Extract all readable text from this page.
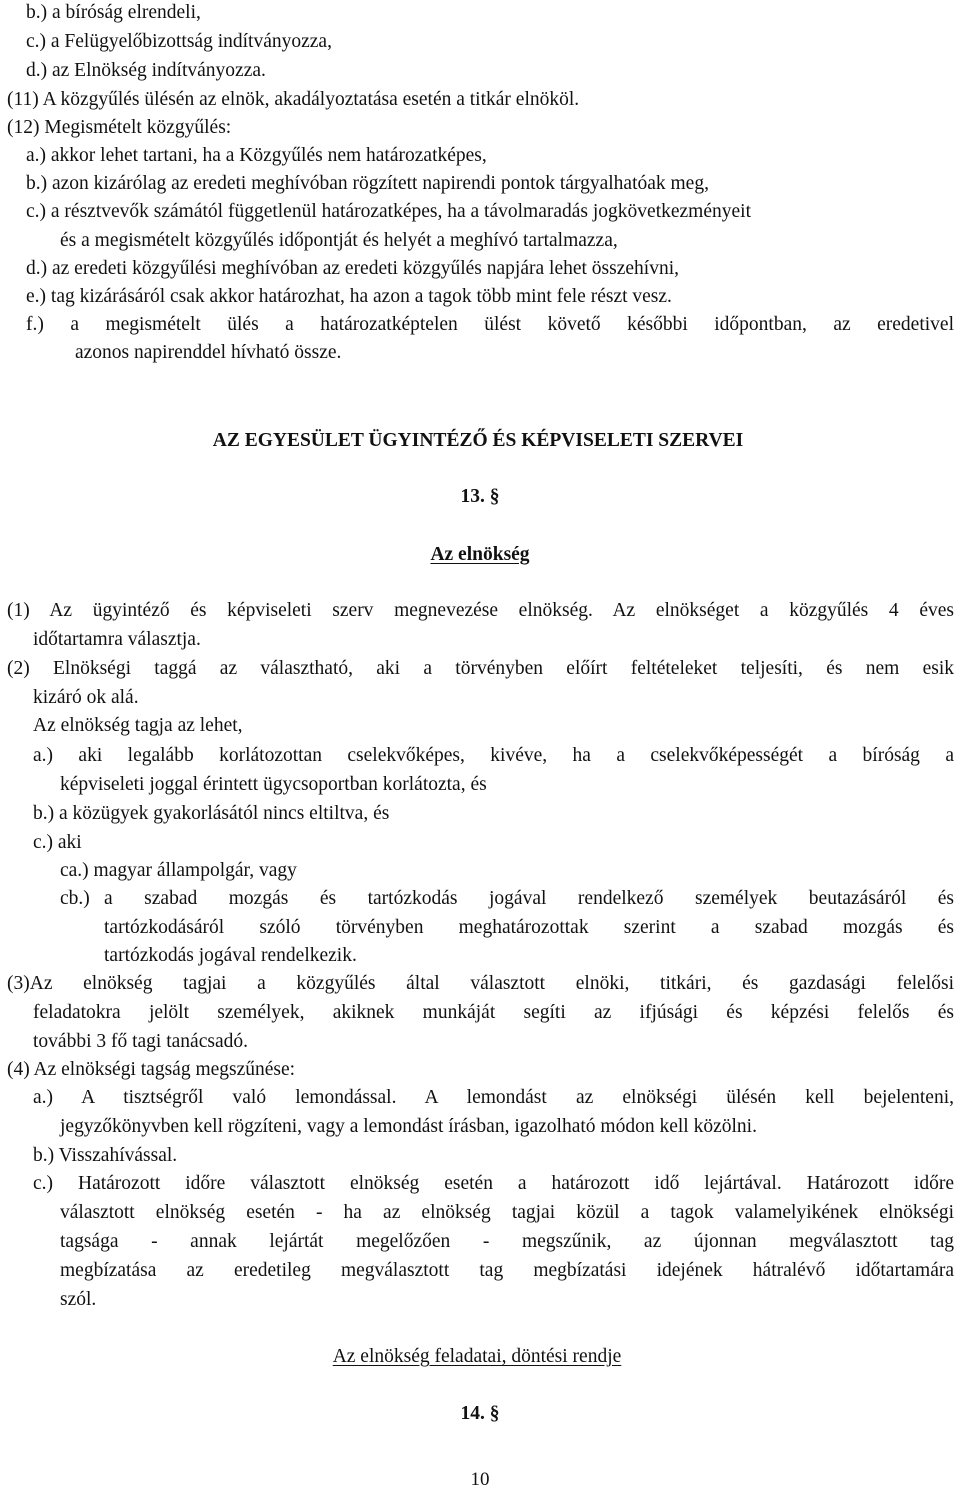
b.) a bíróság elrendeli,
c.) a Felügyelőbizottság indítványozza,
d.) az Elnökség indítványozza.
(11) A közgyűlés ülésén az elnök, akadályoztatása esetén a titkár elnököl.
(12) Megismételt közgyűlés:
a.) akkor lehet tartani, ha a Közgyűlés nem határozatképes,
b.) azon kizárólag az eredeti meghívóban rögzített napirendi pontok tárgyalhatóak meg,
c.) a résztvevők számától függetlenül határozatképes, ha a távolmaradás jogkövetkezményeit
és a megismételt közgyűlés időpontját és helyét a meghívó tartalmazza,
d.) az eredeti közgyűlési meghívóban az eredeti közgyűlés napjára lehet összehívni,
e.) tag kizárásáról csak akkor határozhat, ha azon a tagok több mint fele részt vesz.
f.) a megismételt ülés a határozatképtelen ülést követő későbbi időpontban, az eredetivel
azonos napirenddel hívható össze.
AZ EGYESÜLET ÜGYINTÉZŐ ÉS KÉPVISELETI SZERVEI
13. §
Az elnökség
(1) Az ügyintéző és képviseleti szerv megnevezése elnökség. Az elnökséget a közgyűlés 4 éves
időtartamra választja.
(2) Elnökségi taggá az választható, aki a törvényben előírt feltételeket teljesíti, és nem esik
kizáró ok alá.
Az elnökség tagja az lehet,
a.) aki legalább korlátozottan cselekvőképes, kivéve, ha a cselekvőképességét a bíróság a
képviseleti joggal érintett ügycsoportban korlátozta, és
b.) a közügyek gyakorlásától nincs eltiltva, és
c.) aki
ca.) magyar állampolgár, vagy
cb.) a szabad mozgás és tartózkodás jogával rendelkező személyek beutazásáról és
tartózkodásáról szóló törvényben meghatározottak szerint a szabad mozgás és
tartózkodás jogával rendelkezik.
(3)Az elnökség tagjai a közgyűlés által választott elnöki, titkári, és gazdasági felelősi
feladatokra jelölt személyek, akiknek munkáját segíti az ifjúsági és képzési felelős és
további 3 fő tagi tanácsadó.
(4) Az elnökségi tagság megszűnése:
a.) A tisztségről való lemondással. A lemondást az elnökségi ülésén kell bejelenteni,
jegyzőkönyvben kell rögzíteni, vagy a lemondást írásban, igazolható módon kell közölni.
b.) Visszahívással.
c.) Határozott időre választott elnökség esetén a határozott idő lejártával. Határozott időre
választott elnökség esetén - ha az elnökség tagjai közül a tagok valamelyikének elnökségi
tagsága - annak lejártát megelőzően - megszűnik, az újonnan megválasztott tag
megbízatása az eredetileg megválasztott tag megbízatási idejének hátralévő időtartamára
szól.
Az elnökség feladatai, döntési rendje
14. §
10
